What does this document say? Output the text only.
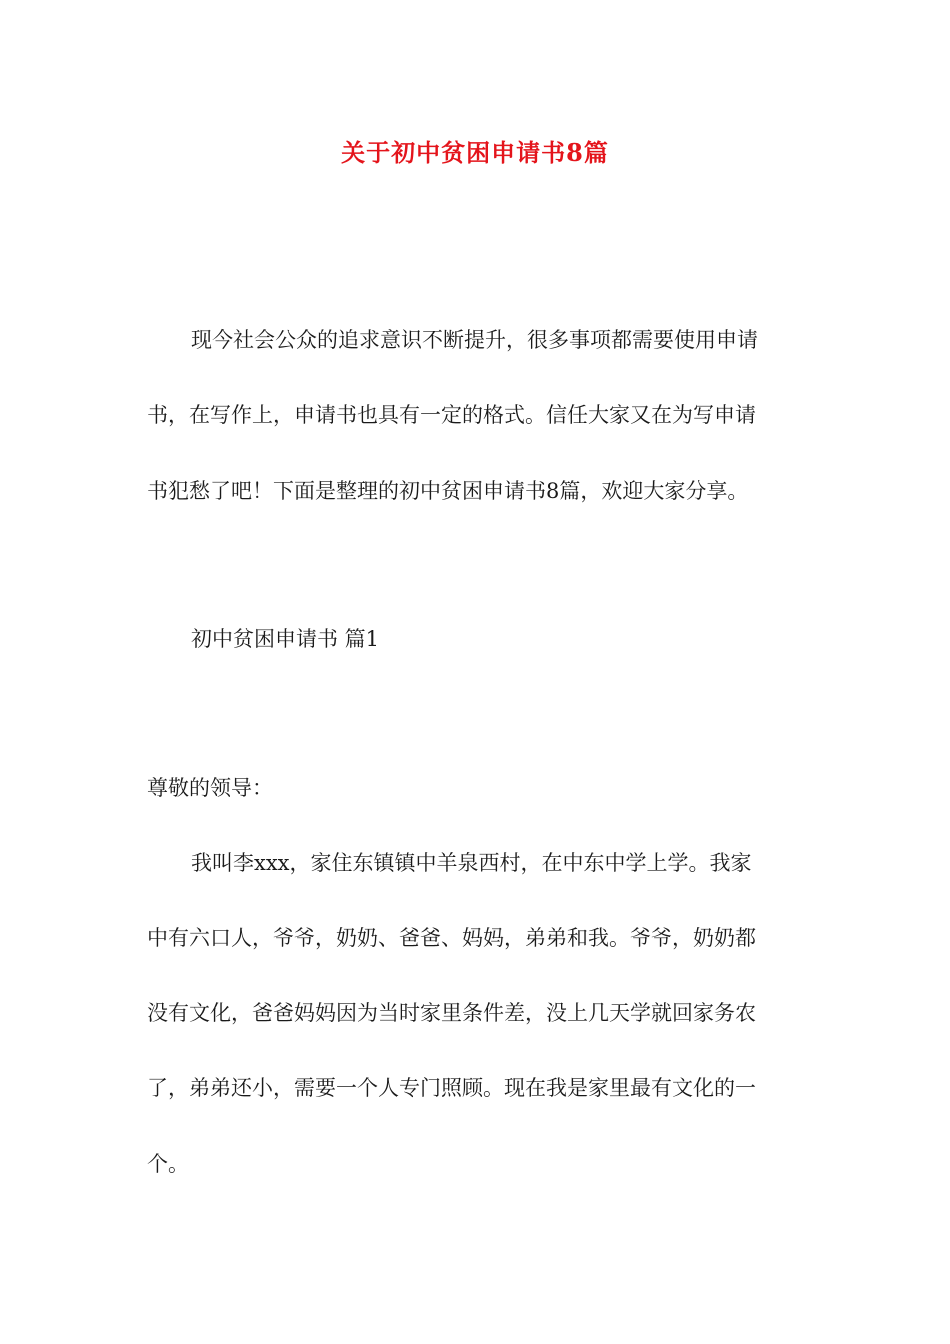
关于初中贫困申请书8篇
现今社会公众的追求意识不断提升，很多事项都需要使用申请
书，在写作上，申请书也具有一定的格式。信任大家又在为写申请
书犯愁了吧！下面是整理的初中贫困申请书8篇，欢迎大家分享。
初中贫困申请书 篇1
尊敬的领导：
我叫李xxx，家住东镇镇中羊泉西村，在中东中学上学。我家
中有六口人，爷爷，奶奶、爸爸、妈妈，弟弟和我。爷爷，奶奶都
没有文化，爸爸妈妈因为当时家里条件差，没上几天学就回家务农
了，弟弟还小，需要一个人专门照顾。现在我是家里最有文化的一
个。
